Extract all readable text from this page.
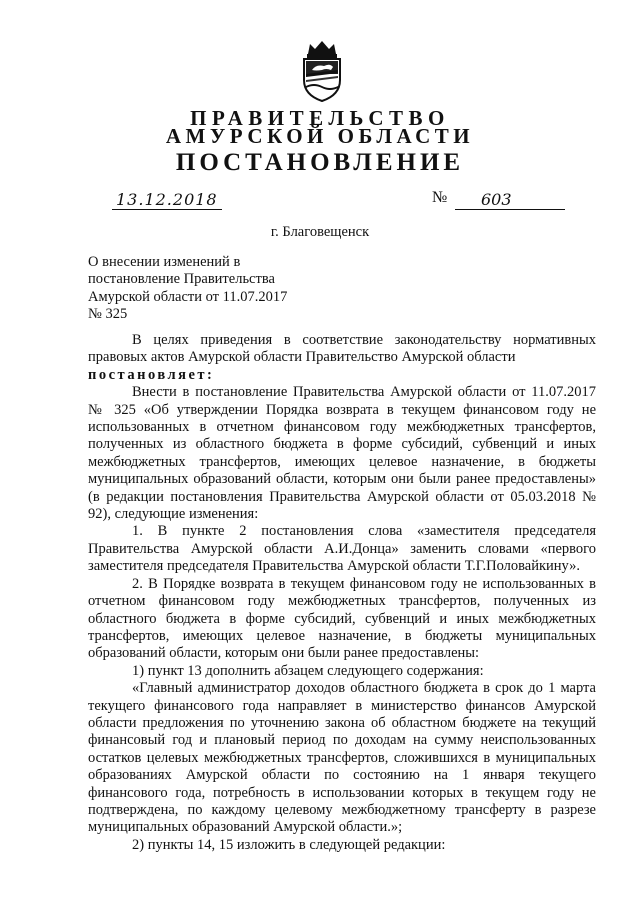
ПРАВИТЕЛЬСТВО
АМУРСКОЙ ОБЛАСТИ
ПОСТАНОВЛЕНИЕ
13.12.2018	№ 603
г. Благовещенск
О внесении изменений в
постановление Правительства
Амурской области от 11.07.2017
№ 325

В целях приведения в соответствие законодательству нормативных правовых актов Амурской области Правительство Амурской области

постановляет:

Внести в постановление Правительства Амурской области от 11.07.2017 № 325 «Об утверждении Порядка возврата в текущем финансовом году не использованных в отчетном финансовом году межбюджетных трансфертов, полученных из областного бюджета в форме субсидий, субвенций и иных межбюджетных трансфертов, имеющих целевое назначение, в бюджеты муниципальных образований области, которым они были ранее предоставлены» (в редакции постановления Правительства Амурской области от 05.03.2018 № 92), следующие изменения:

1. В пункте 2 постановления слова «заместителя председателя Правительства Амурской области А.И.Донца» заменить словами «первого заместителя председателя Правительства Амурской области Т.Г.Половайкину».

2. В Порядке возврата в текущем финансовом году не использованных в отчетном финансовом году межбюджетных трансфертов, полученных из областного бюджета в форме субсидий, субвенций и иных межбюджетных трансфертов, имеющих целевое назначение, в бюджеты муниципальных образований области, которым они были ранее предоставлены:

1) пункт 13 дополнить абзацем следующего содержания:

«Главный администратор доходов областного бюджета в срок до 1 марта текущего финансового года направляет в министерство финансов Амурской области предложения по уточнению закона об областном бюджете на текущий финансовый год и плановый период по доходам на сумму неиспользованных остатков целевых межбюджетных трансфертов, сложившихся в муниципальных образованиях Амурской области по состоянию на 1 января текущего финансового года, потребность в использовании которых в текущем году не подтверждена, по каждому целевому межбюджетному трансферту в разрезе муниципальных образований Амурской области.»;

2) пункты 14, 15 изложить в следующей редакции:
